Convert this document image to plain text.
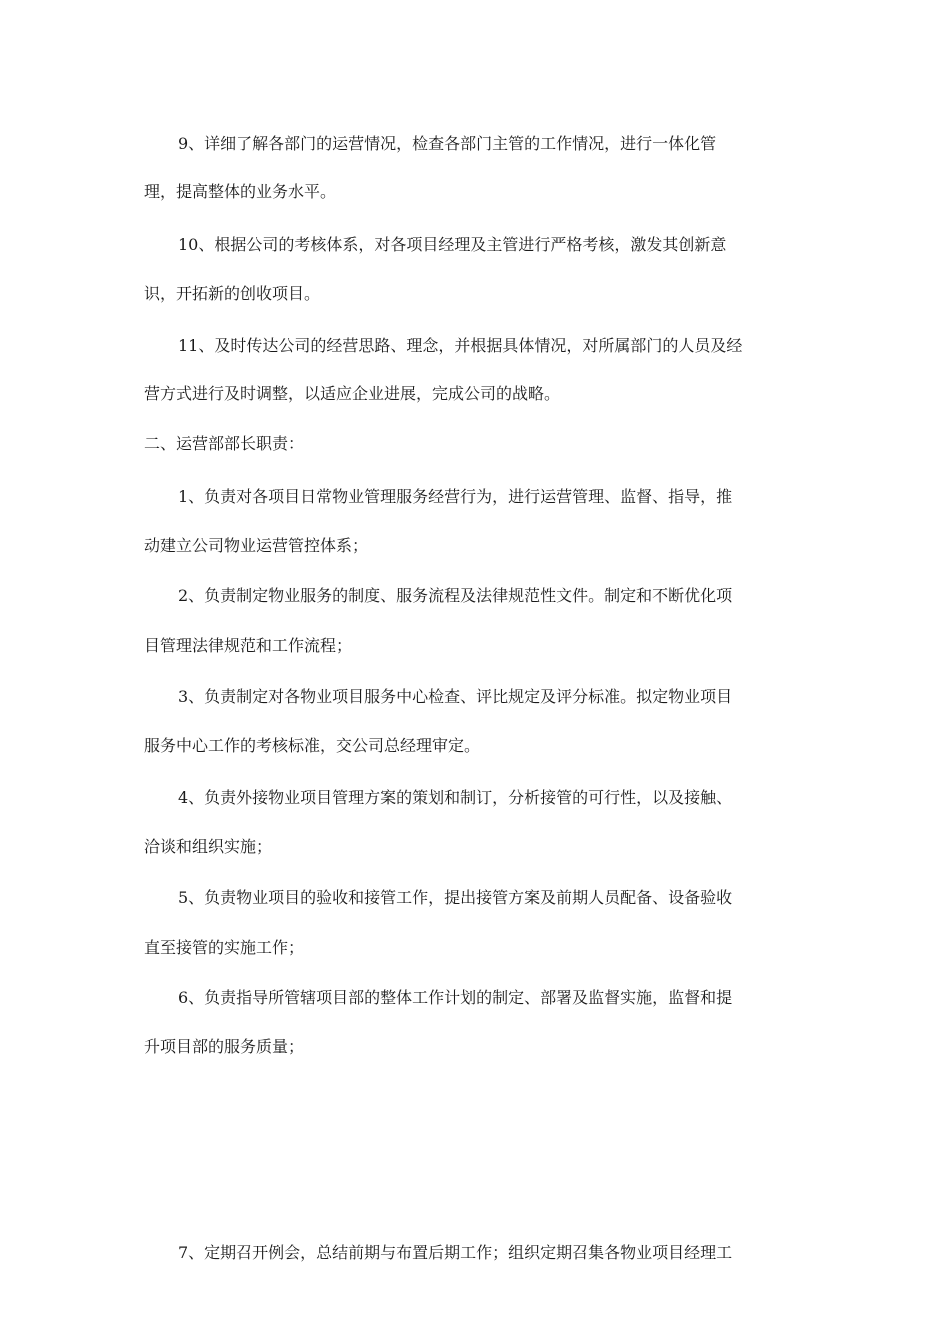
9、详细了解各部门的运营情况，检查各部门主管的工作情况，进行一体化管
理，提高整体的业务水平。
10、根据公司的考核体系，对各项目经理及主管进行严格考核，激发其创新意
识，开拓新的创收项目。
11、及时传达公司的经营思路、理念，并根据具体情况，对所属部门的人员及经
营方式进行及时调整，以适应企业进展，完成公司的战略。
二、运营部部长职责：
1、负责对各项目日常物业管理服务经营行为，进行运营管理、监督、指导，推
动建立公司物业运营管控体系；
2、负责制定物业服务的制度、服务流程及法律规范性文件。制定和不断优化项
目管理法律规范和工作流程；
3、负责制定对各物业项目服务中心检查、评比规定及评分标准。拟定物业项目
服务中心工作的考核标准，交公司总经理审定。
4、负责外接物业项目管理方案的策划和制订，分析接管的可行性，以及接触、
洽谈和组织实施；
5、负责物业项目的验收和接管工作，提出接管方案及前期人员配备、设备验收
直至接管的实施工作；
6、负责指导所管辖项目部的整体工作计划的制定、部署及监督实施，监督和提
升项目部的服务质量；
7、定期召开例会，总结前期与布置后期工作；组织定期召集各物业项目经理工
